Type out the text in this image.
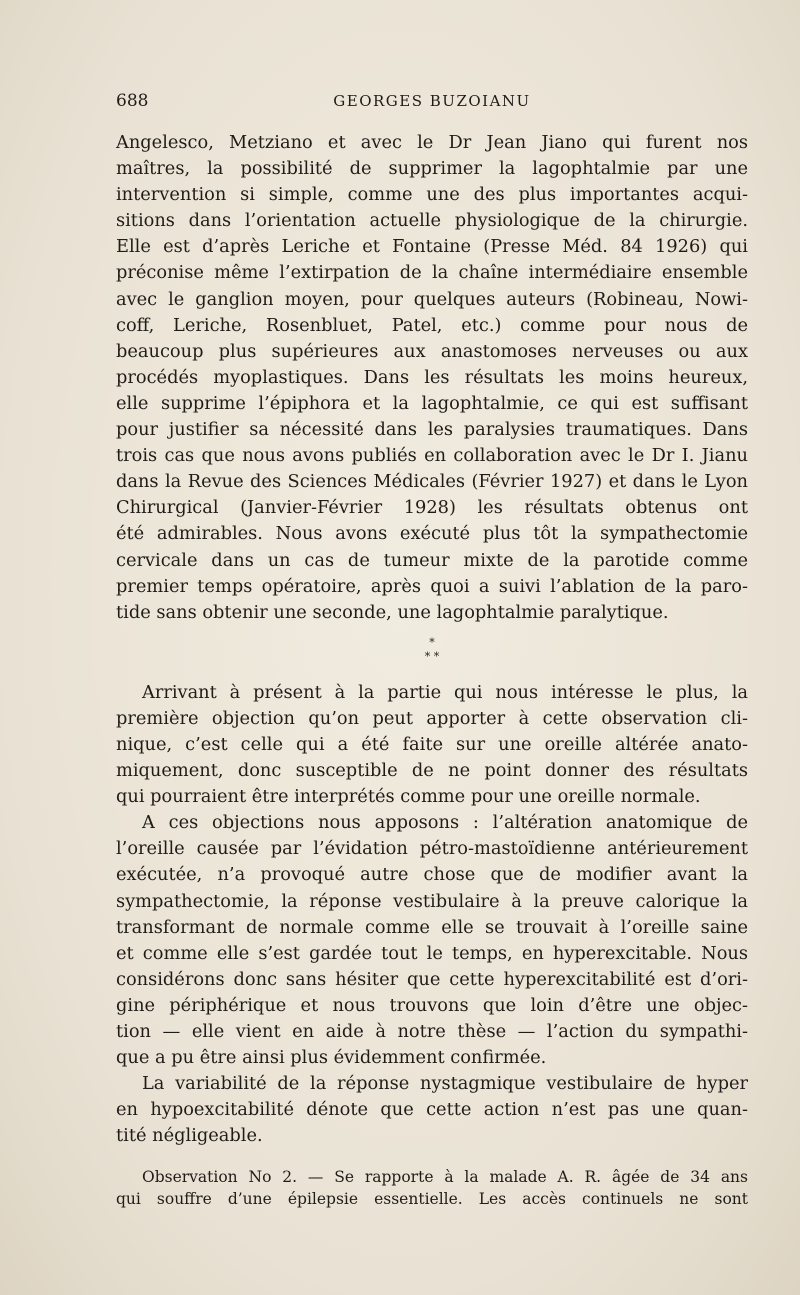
688	GEORGES BUZOIANU
Angelesco, Metziano et avec le Dr Jean Jiano qui furent nos
maîtres, la possibilité de supprimer la lagophtalmie par une
intervention si simple, comme une des plus importantes acqui-
sitions dans l’orientation actuelle physiologique de la chirurgie.
Elle est d’après Leriche et Fontaine (Presse Méd. 84 1926) qui
préconise même l’extirpation de la chaîne intermédiaire ensemble
avec le ganglion moyen, pour quelques auteurs (Robineau, Nowi-
coff, Leriche, Rosenbluet, Patel, etc.) comme pour nous de
beaucoup plus supérieures aux anastomoses nerveuses ou aux
procédés myoplastiques. Dans les résultats les moins heureux,
elle supprime l’épiphora et la lagophtalmie, ce qui est suffisant
pour justifier sa nécessité dans les paralysies traumatiques. Dans
trois cas que nous avons publiés en collaboration avec le Dr I. Jianu
dans la Revue des Sciences Médicales (Février 1927) et dans le Lyon
Chirurgical (Janvier-Février 1928) les résultats obtenus ont
été admirables. Nous avons exécuté plus tôt la sympathectomie
cervicale dans un cas de tumeur mixte de la parotide comme
premier temps opératoire, après quoi a suivi l’ablation de la paro-
tide sans obtenir une seconde, une lagophtalmie paralytique.
*
* *
Arrivant à présent à la partie qui nous intéresse le plus, la
première objection qu’on peut apporter à cette observation cli-
nique, c’est celle qui a été faite sur une oreille altérée anato-
miquement, donc susceptible de ne point donner des résultats
qui pourraient être interprétés comme pour une oreille normale.
A ces objections nous apposons : l’altération anatomique de
l’oreille causée par l’évidation pétro-mastoïdienne antérieurement
exécutée, n’a provoqué autre chose que de modifier avant la
sympathectomie, la réponse vestibulaire à la preuve calorique la
transformant de normale comme elle se trouvait à l’oreille saine
et comme elle s’est gardée tout le temps, en hyperexcitable. Nous
considérons donc sans hésiter que cette hyperexcitabilité est d’ori-
gine périphérique et nous trouvons que loin d’être une objec-
tion — elle vient en aide à notre thèse — l’action du sympathi-
que a pu être ainsi plus évidemment confirmée.
La variabilité de la réponse nystagmique vestibulaire de hyper
en hypoexcitabilité dénote que cette action n’est pas une quan-
tité négligeable.
Observation No 2. — Se rapporte à la malade A. R. âgée de 34 ans
qui souffre d’une épilepsie essentielle. Les accès continuels ne sont
